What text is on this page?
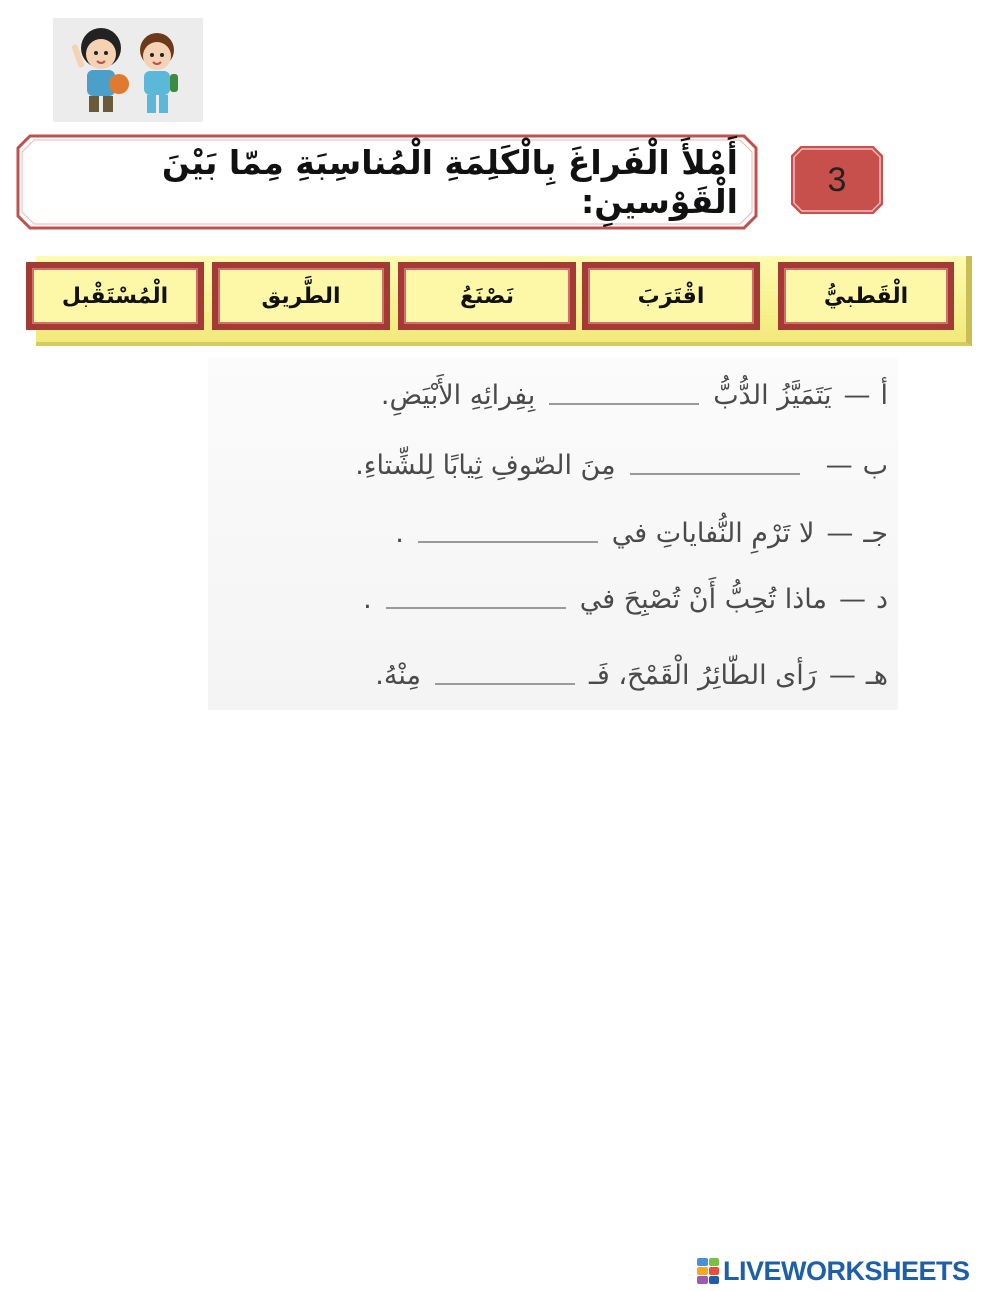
أَمْلأَ الْفَراغَ بِالْكَلِمَةِ الْمُناسِبَةِ مِمّا بَيْنَ الْقَوْسينِ:
3
الْقَطبيُّ
اقْتَرَبَ
نَصْنَعُ
الطَّريق
الْمُسْتَقْبل
أ
—
يَتَمَيَّزُ الدُّبُّ
بِفِرائِهِ الأَبْيَضِ.
ب
—
مِنَ الصّوفِ ثِيابًا لِلشِّتاءِ.
جـ
—
لا تَرْمِ النُّفاياتِ في
.
د
—
ماذا تُحِبُّ أَنْ تُصْبِحَ في
.
هـ
—
رَأى الطّائِرُ الْقَمْحَ، فَـ
مِنْهُ.
LIVEWORKSHEETS
